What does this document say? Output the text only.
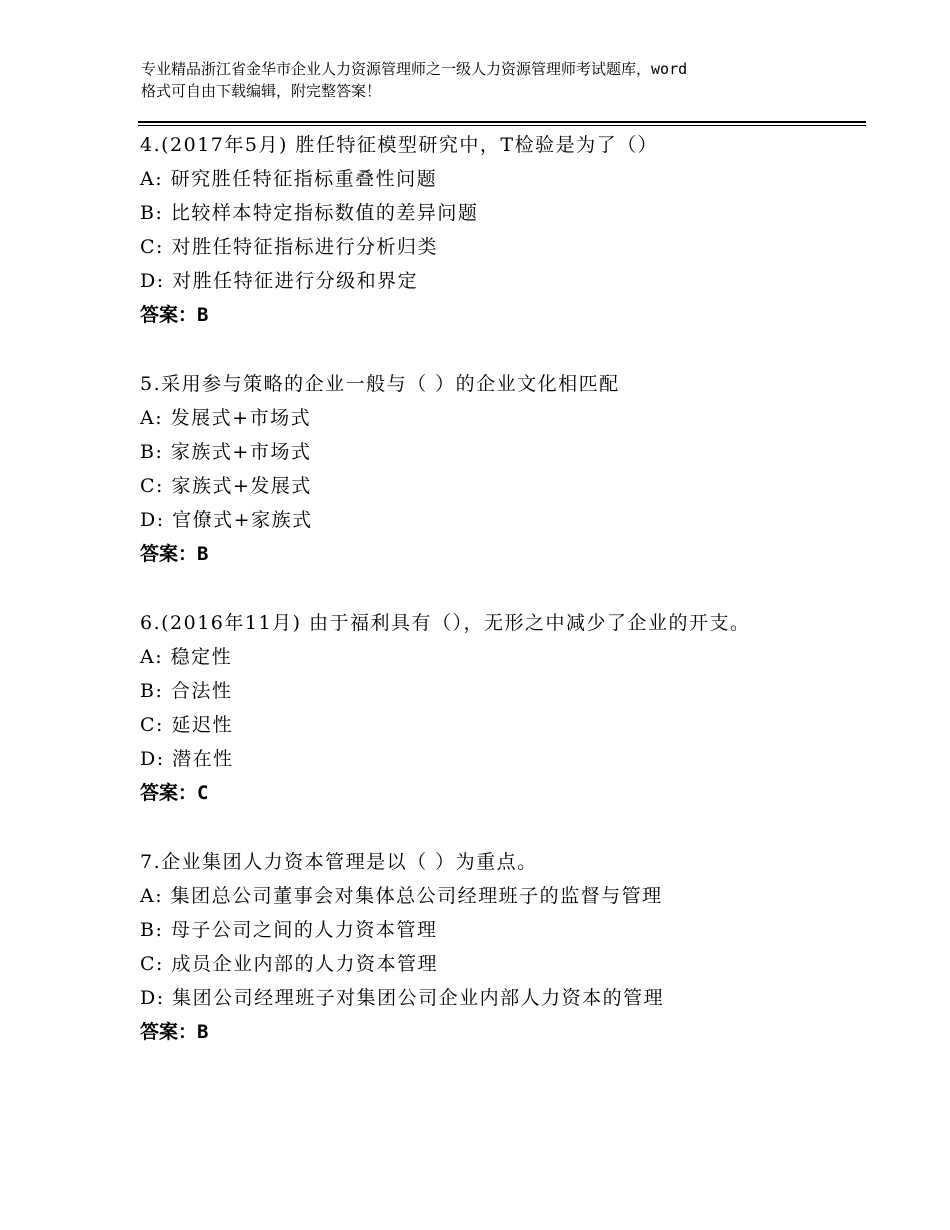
专业精品浙江省金华市企业人力资源管理师之一级人力资源管理师考试题库，word
格式可自由下载编辑，附完整答案！
4.(2017年5月) 胜任特征模型研究中，T检验是为了（）
A: 研究胜任特征指标重叠性问题
B: 比较样本特定指标数值的差异问题
C: 对胜任特征指标进行分析归类
D: 对胜任特征进行分级和界定
答案：B
5.采用参与策略的企业一般与（ ）的企业文化相匹配
A: 发展式+市场式
B: 家族式+市场式
C: 家族式+发展式
D: 官僚式+家族式
答案：B
6.(2016年11月) 由于福利具有（），无形之中减少了企业的开支。
A: 稳定性
B: 合法性
C: 延迟性
D: 潜在性
答案：C
7.企业集团人力资本管理是以（ ）为重点。
A: 集团总公司董事会对集体总公司经理班子的监督与管理
B: 母子公司之间的人力资本管理
C: 成员企业内部的人力资本管理
D: 集团公司经理班子对集团公司企业内部人力资本的管理
答案：B
